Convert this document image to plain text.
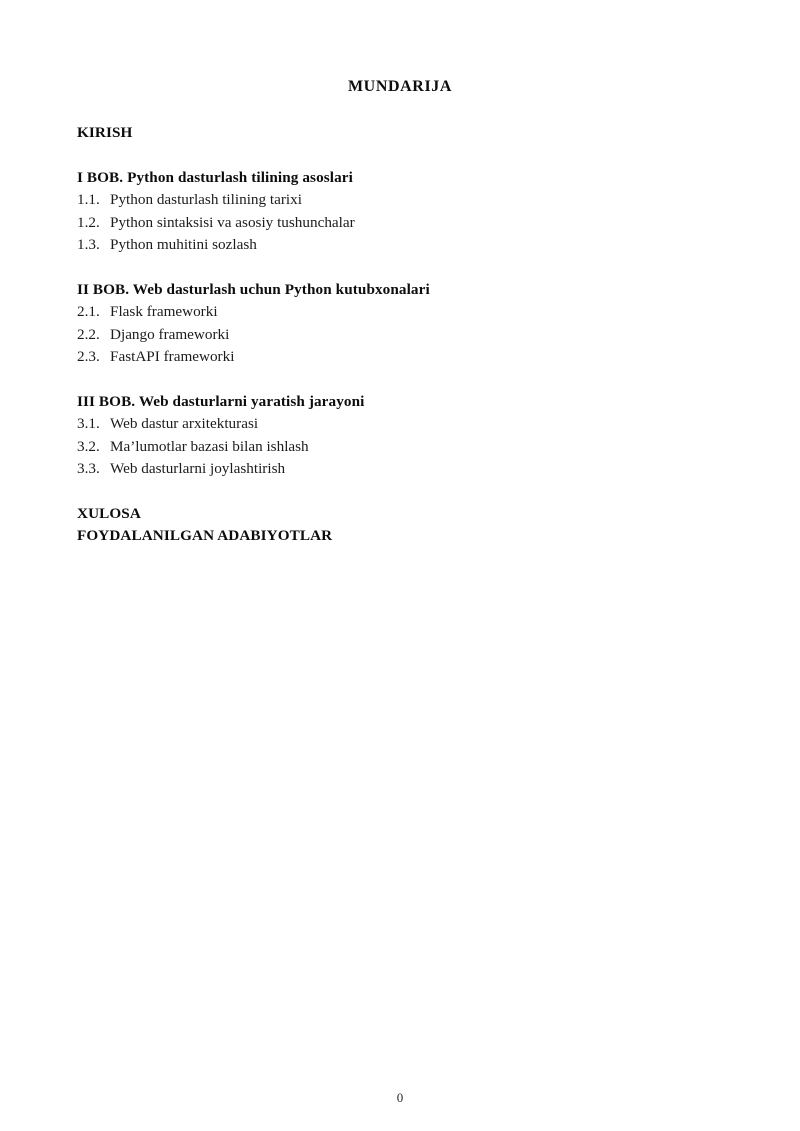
MUNDARIJA
KIRISH
I BOB. Python dasturlash tilining asoslari
1.1. Python dasturlash tilining tarixi
1.2. Python sintaksisi va asosiy tushunchalar
1.3. Python muhitini sozlash
II BOB. Web dasturlash uchun Python kutubxonalari
2.1. Flask frameworki
2.2. Django frameworki
2.3. FastAPI frameworki
III BOB. Web dasturlarni yaratish jarayoni
3.1. Web dastur arxitekturasi
3.2. Ma’lumotlar bazasi bilan ishlash
3.3. Web dasturlarni joylashtirish
XULOSA
FOYDALANILGAN ADABIYOTLAR
0
